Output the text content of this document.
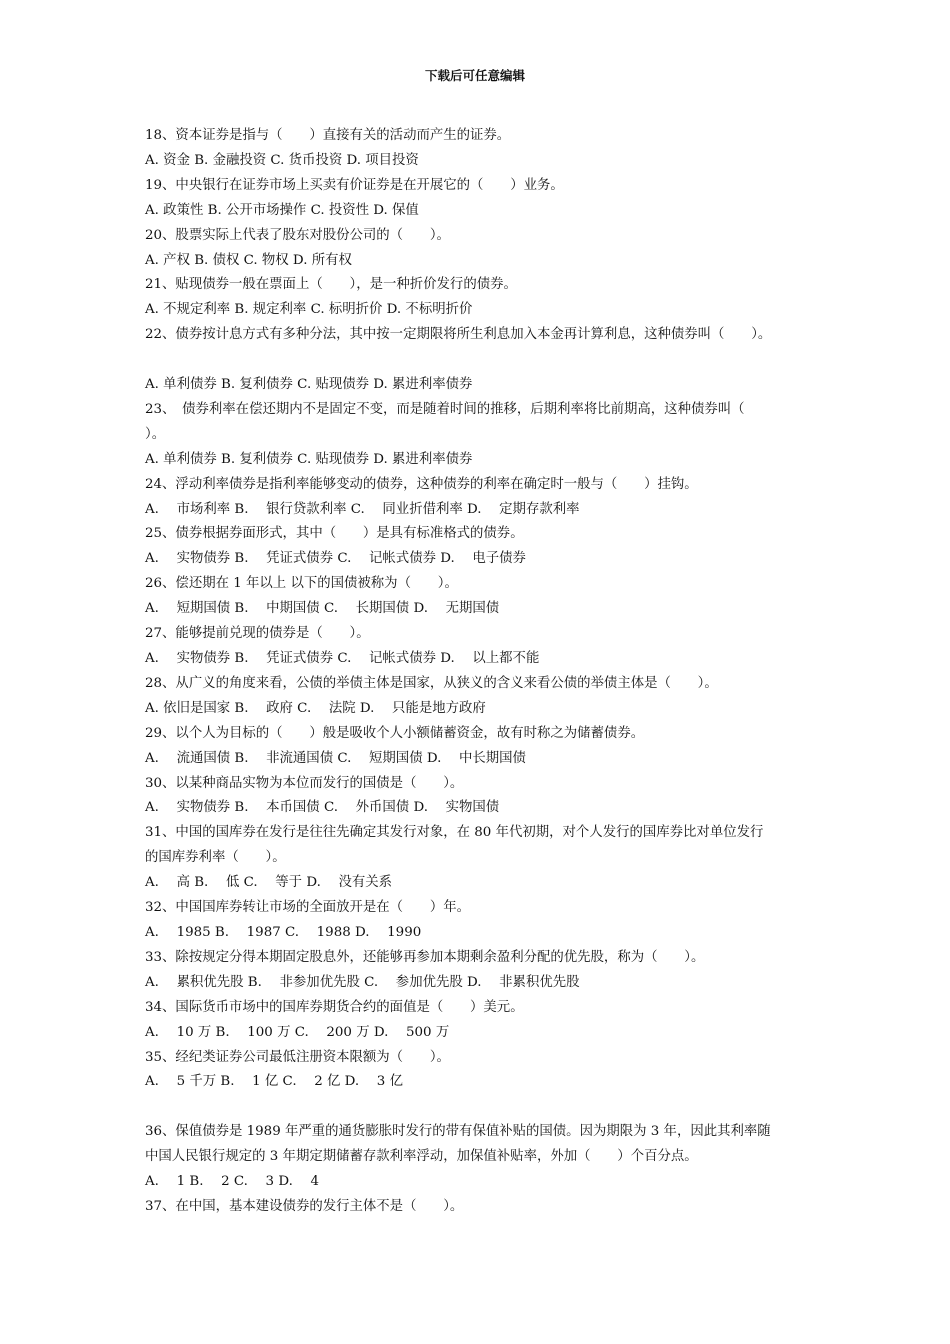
下载后可任意编辑

18、资本证券是指与（　　）直接有关的活动而产生的证券。

A. 资金 B. 金融投资 C. 货币投资 D. 项目投资

19、中央银行在证券市场上买卖有价证券是在开展它的（　　）业务。

A. 政策性 B. 公开市场操作 C. 投资性 D. 保值

20、股票实际上代表了股东对股份公司的（　　）。

A. 产权 B. 债权 C. 物权 D. 所有权

21、贴现债券一般在票面上（　　），是一种折价发行的债券。

A. 不规定利率 B. 规定利率 C. 标明折价 D. 不标明折价

22、债券按计息方式有多种分法，其中按一定期限将所生利息加入本金再计算利息，这种债券叫（　　）。

A. 单利债券 B. 复利债券 C. 贴现债券 D. 累进利率债券

23、　债券利率在偿还期内不是固定不变，而是随着时间的推移，后期利率将比前期高，这种债券叫（

）。

A. 单利债券 B. 复利债券 C. 贴现债券 D. 累进利率债券

24、浮动利率债券是指利率能够变动的债券，这种债券的利率在确定时一般与（　　）挂钩。

A.　 市场利率 B.　 银行贷款利率 C.　 同业折借利率 D.　 定期存款利率

25、债券根据券面形式，其中（　　）是具有标准格式的债券。

A.　 实物债券 B.　 凭证式债券 C.　 记帐式债券 D.　 电子债券

26、偿还期在 1 年以上 以下的国债被称为（　　）。

A.　 短期国债 B.　 中期国债 C.　 长期国债 D.　 无期国债

27、能够提前兑现的债券是（　　）。

A.　 实物债券 B.　 凭证式债券 C.　 记帐式债券 D.　 以上都不能

28、从广义的角度来看，公债的举债主体是国家，从狭义的含义来看公债的举债主体是（　　）。

A. 依旧是国家 B.　 政府 C.　 法院 D.　 只能是地方政府

29、以个人为目标的（　　）般是吸收个人小额储蓄资金，故有时称之为储蓄债券。

A.　 流通国债 B.　 非流通国债 C.　 短期国债 D.　 中长期国债

30、以某种商品实物为本位而发行的国债是（　　）。

A.　 实物债券 B.　 本币国债 C.　 外币国债 D.　 实物国债

31、中国的国库券在发行是往往先确定其发行对象，在 80 年代初期，对个人发行的国库券比对单位发行

的国库券利率（　　）。

A.　 高 B.　 低 C.　 等于 D.　 没有关系

32、中国国库券转让市场的全面放开是在（　　）年。

A.　 1985 B.　 1987 C.　 1988 D.　 1990

33、除按规定分得本期固定股息外，还能够再参加本期剩余盈利分配的优先股，称为（　　）。

A.　 累积优先股 B.　 非参加优先股 C.　 参加优先股 D.　 非累积优先股

34、国际货币市场中的国库券期货合约的面值是（　　）美元。

A.　 10 万 B.　 100 万 C.　 200 万 D.　 500 万

35、经纪类证券公司最低注册资本限额为（　　）。

A.　 5 千万 B.　 1 亿 C.　 2 亿 D.　 3 亿

36、保值债券是 1989 年严重的通货膨胀时发行的带有保值补贴的国债。因为期限为 3 年，因此其利率随

中国人民银行规定的 3 年期定期储蓄存款利率浮动，加保值补贴率，外加（　　）个百分点。

A.　 1 B.　 2 C.　 3 D.　 4

37、在中国，基本建设债券的发行主体不是（　　）。
